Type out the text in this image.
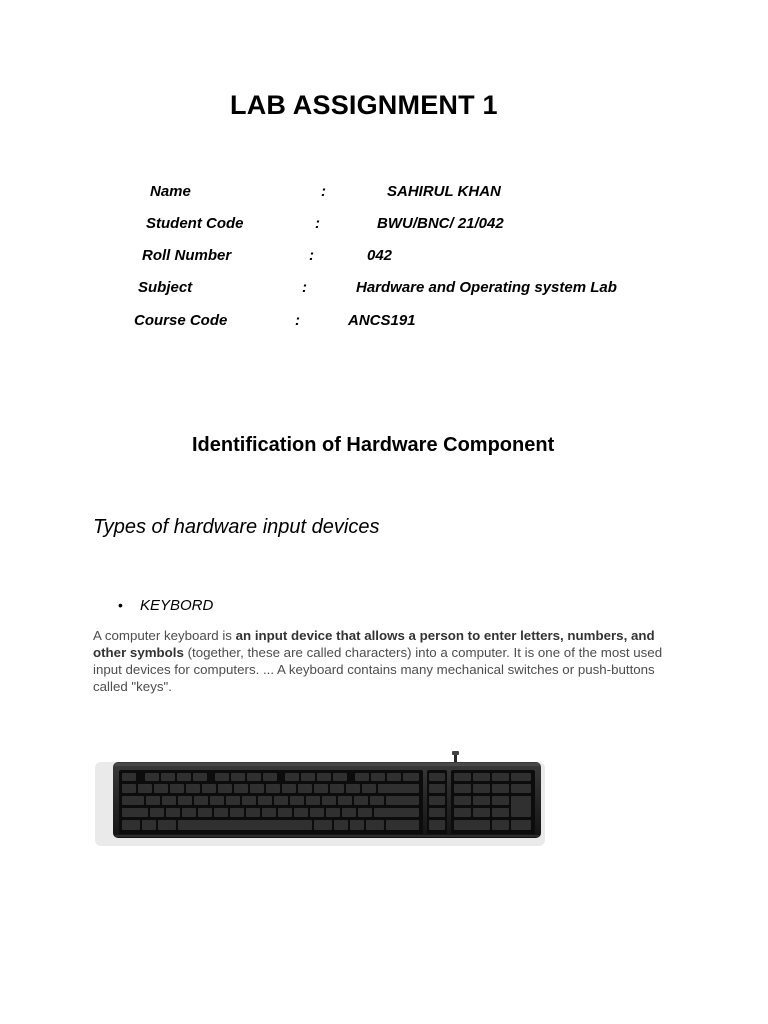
LAB ASSIGNMENT 1
Name	:	SAHIRUL KHAN
Student Code	:	BWU/BNC/ 21/042
Roll Number	:	042
Subject	:	Hardware and Operating system Lab
Course Code	:	ANCS191
Identification of Hardware Component
Types of hardware input devices
• KEYBORD
A computer keyboard is an input device that allows a person to enter letters, numbers, and other symbols (together, these are called characters) into a computer. It is one of the most used input devices for computers. ... A keyboard contains many mechanical switches or push-buttons called "keys".
